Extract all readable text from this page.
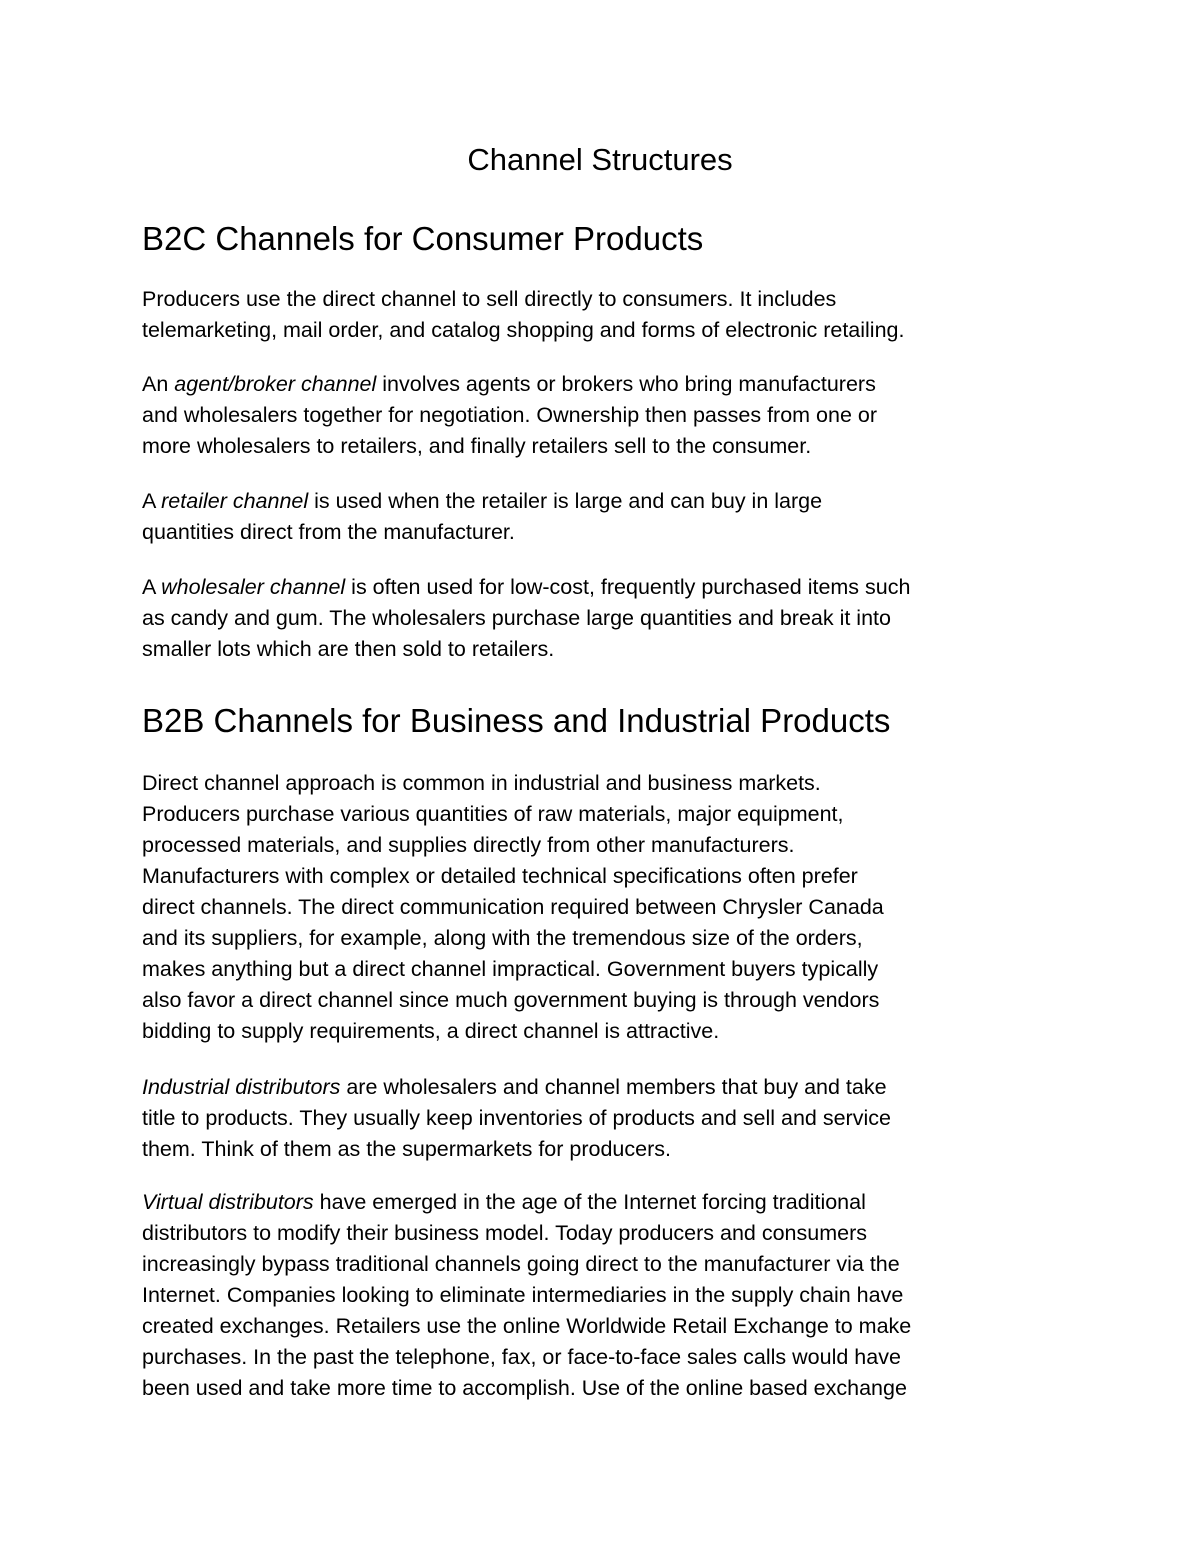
Channel Structures
B2C Channels for Consumer Products

Producers use the direct channel to sell directly to consumers. It includes
telemarketing, mail order, and catalog shopping and forms of electronic retailing.

An agent/broker channel involves agents or brokers who bring manufacturers
and wholesalers together for negotiation. Ownership then passes from one or
more wholesalers to retailers, and finally retailers sell to the consumer.

A retailer channel is used when the retailer is large and can buy in large
quantities direct from the manufacturer.

A wholesaler channel is often used for low-cost, frequently purchased items such
as candy and gum. The wholesalers purchase large quantities and break it into
smaller lots which are then sold to retailers.

B2B Channels for Business and Industrial Products

Direct channel approach is common in industrial and business markets.
Producers purchase various quantities of raw materials, major equipment,
processed materials, and supplies directly from other manufacturers.
Manufacturers with complex or detailed technical specifications often prefer
direct channels. The direct communication required between Chrysler Canada
and its suppliers, for example, along with the tremendous size of the orders,
makes anything but a direct channel impractical. Government buyers typically
also favor a direct channel since much government buying is through vendors
bidding to supply requirements, a direct channel is attractive.

Industrial distributors are wholesalers and channel members that buy and take
title to products. They usually keep inventories of products and sell and service
them. Think of them as the supermarkets for producers.

Virtual distributors have emerged in the age of the Internet forcing traditional
distributors to modify their business model. Today producers and consumers
increasingly bypass traditional channels going direct to the manufacturer via the
Internet. Companies looking to eliminate intermediaries in the supply chain have
created exchanges. Retailers use the online Worldwide Retail Exchange to make
purchases. In the past the telephone, fax, or face-to-face sales calls would have
been used and take more time to accomplish. Use of the online based exchange
